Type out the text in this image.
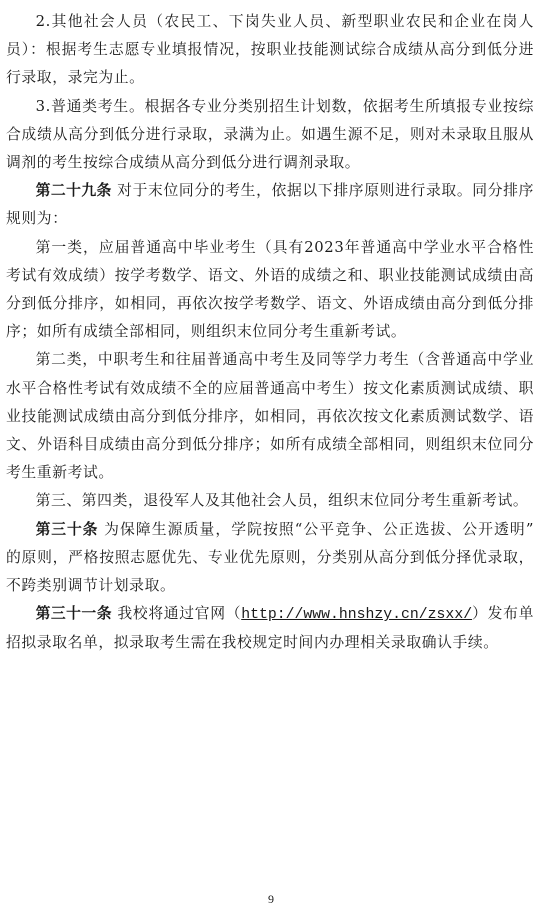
2.其他社会人员（农民工、下岗失业人员、新型职业农民和企业在岗人员）：根据考生志愿专业填报情况，按职业技能测试综合成绩从高分到低分进行录取，录完为止。

3.普通类考生。根据各专业分类别招生计划数，依据考生所填报专业按综合成绩从高分到低分进行录取，录满为止。如遇生源不足，则对未录取且服从调剂的考生按综合成绩从高分到低分进行调剂录取。

第二十九条 对于末位同分的考生，依据以下排序原则进行录取。同分排序规则为：

第一类，应届普通高中毕业考生（具有2023年普通高中学业水平合格性考试有效成绩）按学考数学、语文、外语的成绩之和、职业技能测试成绩由高分到低分排序，如相同，再依次按学考数学、语文、外语成绩由高分到低分排序；如所有成绩全部相同，则组织末位同分考生重新考试。

第二类，中职考生和往届普通高中考生及同等学力考生（含普通高中学业水平合格性考试有效成绩不全的应届普通高中考生）按文化素质测试成绩、职业技能测试成绩由高分到低分排序，如相同，再依次按文化素质测试数学、语文、外语科目成绩由高分到低分排序；如所有成绩全部相同，则组织末位同分考生重新考试。

第三、第四类，退役军人及其他社会人员，组织末位同分考生重新考试。

第三十条 为保障生源质量，学院按照“公平竞争、公正选拔、公开透明” 的原则，严格按照志愿优先、专业优先原则，分类别从高分到低分择优录取，不跨类别调节计划录取。

第三十一条 我校将通过官网（http://www.hnshzy.cn/zsxx/）发布单招拟录取名单，拟录取考生需在我校规定时间内办理相关录取确认手续。

9
